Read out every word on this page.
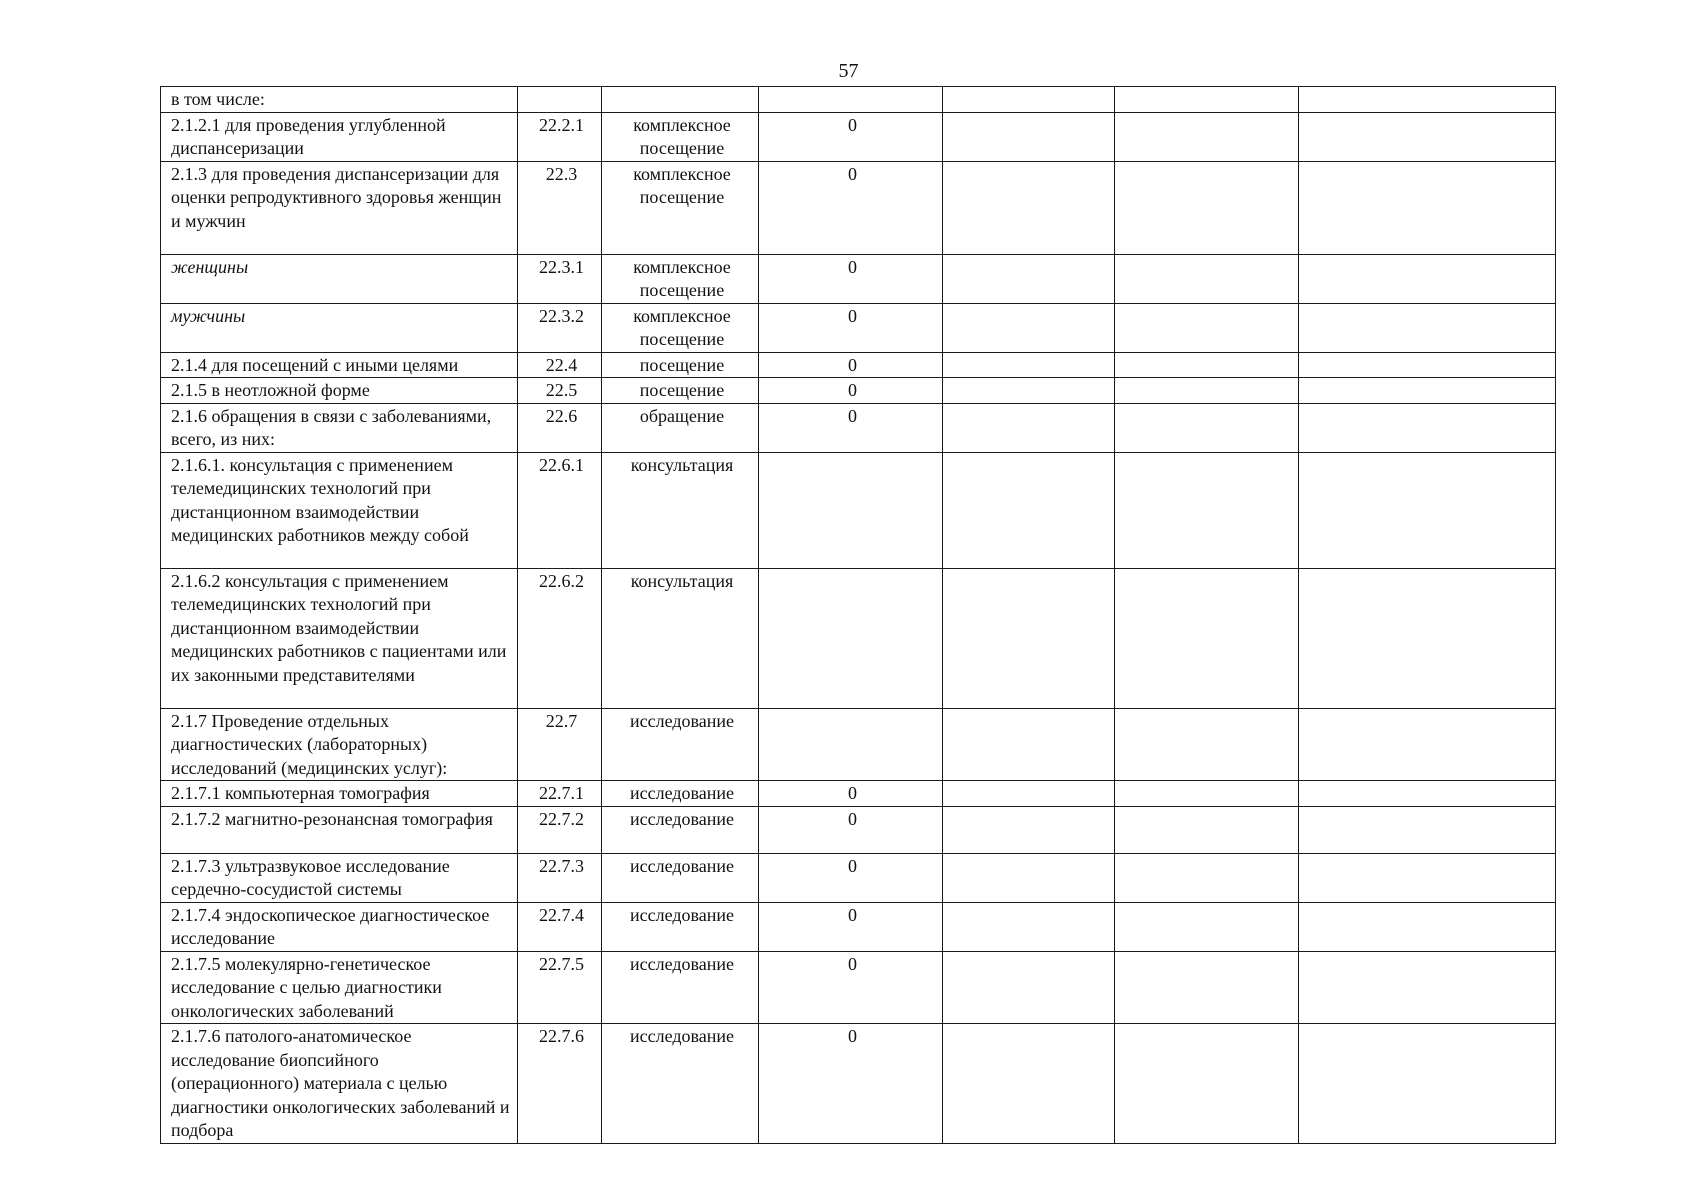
57
в том числе:						
2.1.2.1 для проведения углубленной диспансеризации	22.2.1	комплексное посещение	0			
2.1.3 для проведения диспансеризации для оценки репродуктивного здоровья женщин и мужчин	22.3	комплексное посещение	0			
женщины	22.3.1	комплексное посещение	0			
мужчины	22.3.2	комплексное посещение	0			
2.1.4 для посещений с иными целями	22.4	посещение	0			
2.1.5 в неотложной форме	22.5	посещение	0			
2.1.6 обращения в связи с заболеваниями, всего, из них:	22.6	обращение	0			
2.1.6.1. консультация с применением телемедицинских технологий при дистанционном взаимодействии медицинских работников между собой	22.6.1	консультация				
2.1.6.2 консультация с применением телемедицинских технологий при дистанционном взаимодействии медицинских работников с пациентами или их законными представителями	22.6.2	консультация				
2.1.7 Проведение отдельных диагностических (лабораторных) исследований (медицинских услуг):	22.7	исследование				
2.1.7.1 компьютерная томография	22.7.1	исследование	0			
2.1.7.2 магнитно-резонансная томография	22.7.2	исследование	0			
2.1.7.3 ультразвуковое исследование сердечно-сосудистой системы	22.7.3	исследование	0			
2.1.7.4 эндоскопическое диагностическое исследование	22.7.4	исследование	0			
2.1.7.5 молекулярно-генетическое исследование с целью диагностики онкологических заболеваний	22.7.5	исследование	0			
2.1.7.6 патолого-анатомическое исследование биопсийного (операционного) материала с целью диагностики онкологических заболеваний и подбора	22.7.6	исследование	0			
